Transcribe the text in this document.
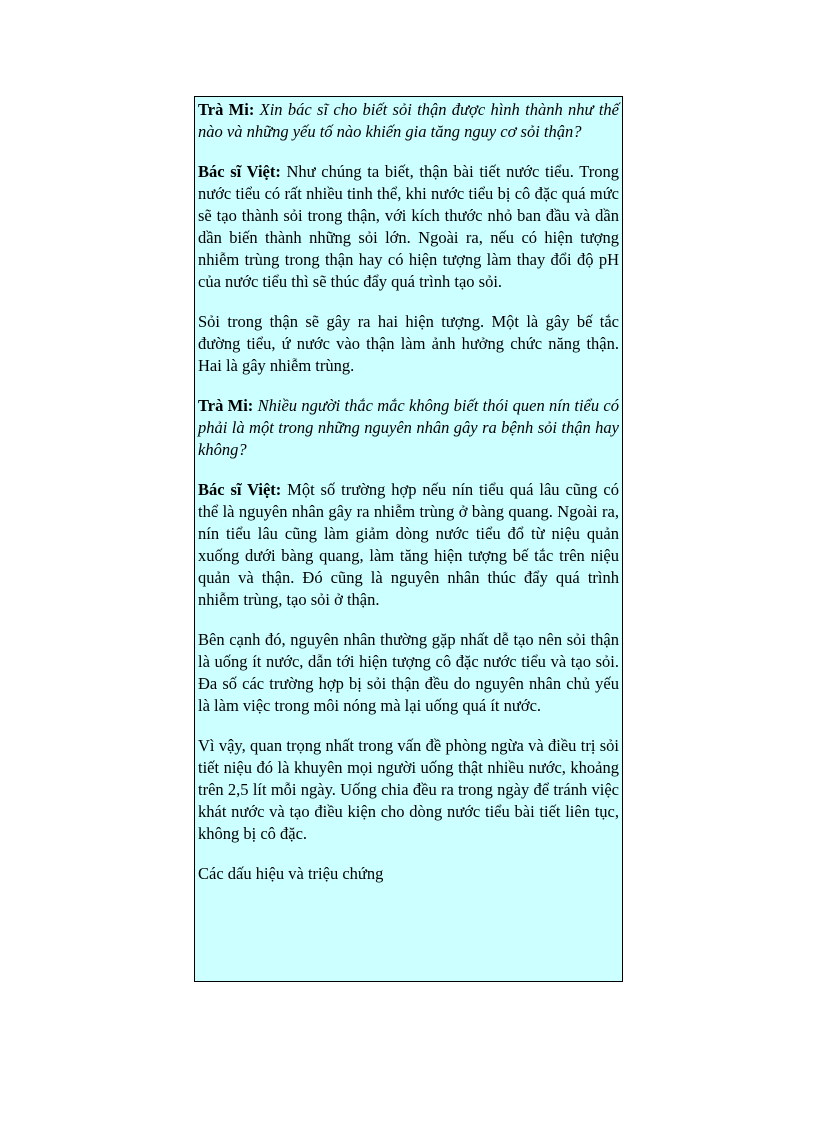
Trà Mi: Xin bác sĩ cho biết sỏi thận được hình thành như thế nào và những yếu tố nào khiến gia tăng nguy cơ sỏi thận?

Bác sĩ Việt: Như chúng ta biết, thận bài tiết nước tiểu. Trong nước tiểu có rất nhiều tinh thể, khi nước tiểu bị cô đặc quá mức sẽ tạo thành sỏi trong thận, với kích thước nhỏ ban đầu và dần dần biến thành những sỏi lớn. Ngoài ra, nếu có hiện tượng nhiễm trùng trong thận hay có hiện tượng làm thay đổi độ pH của nước tiểu thì sẽ thúc đẩy quá trình tạo sỏi.

Sỏi trong thận sẽ gây ra hai hiện tượng. Một là gây bế tắc đường tiểu, ứ nước vào thận làm ảnh hưởng chức năng thận. Hai là gây nhiễm trùng.

Trà Mi: Nhiều người thắc mắc không biết thói quen nín tiểu có phải là một trong những nguyên nhân gây ra bệnh sỏi thận hay không?

Bác sĩ Việt: Một số trường hợp nếu nín tiểu quá lâu cũng có thể là nguyên nhân gây ra nhiễm trùng ở bàng quang. Ngoài ra, nín tiểu lâu cũng làm giảm dòng nước tiểu đổ từ niệu quản xuống dưới bàng quang, làm tăng hiện tượng bế tắc trên niệu quản và thận. Đó cũng là nguyên nhân thúc đẩy quá trình nhiễm trùng, tạo sỏi ở thận.

Bên cạnh đó, nguyên nhân thường gặp nhất dễ tạo nên sỏi thận là uống ít nước, dẫn tới hiện tượng cô đặc nước tiểu và tạo sỏi. Đa số các trường hợp bị sỏi thận đều do nguyên nhân chủ yếu là làm việc trong môi nóng mà lại uống quá ít nước.

Vì vậy, quan trọng nhất trong vấn đề phòng ngừa và điều trị sỏi tiết niệu đó là khuyên mọi người uống thật nhiều nước, khoảng trên 2,5 lít mỗi ngày. Uống chia đều ra trong ngày để tránh việc khát nước và tạo điều kiện cho dòng nước tiểu bài tiết liên tục, không bị cô đặc.

Các dấu hiệu và triệu chứng
